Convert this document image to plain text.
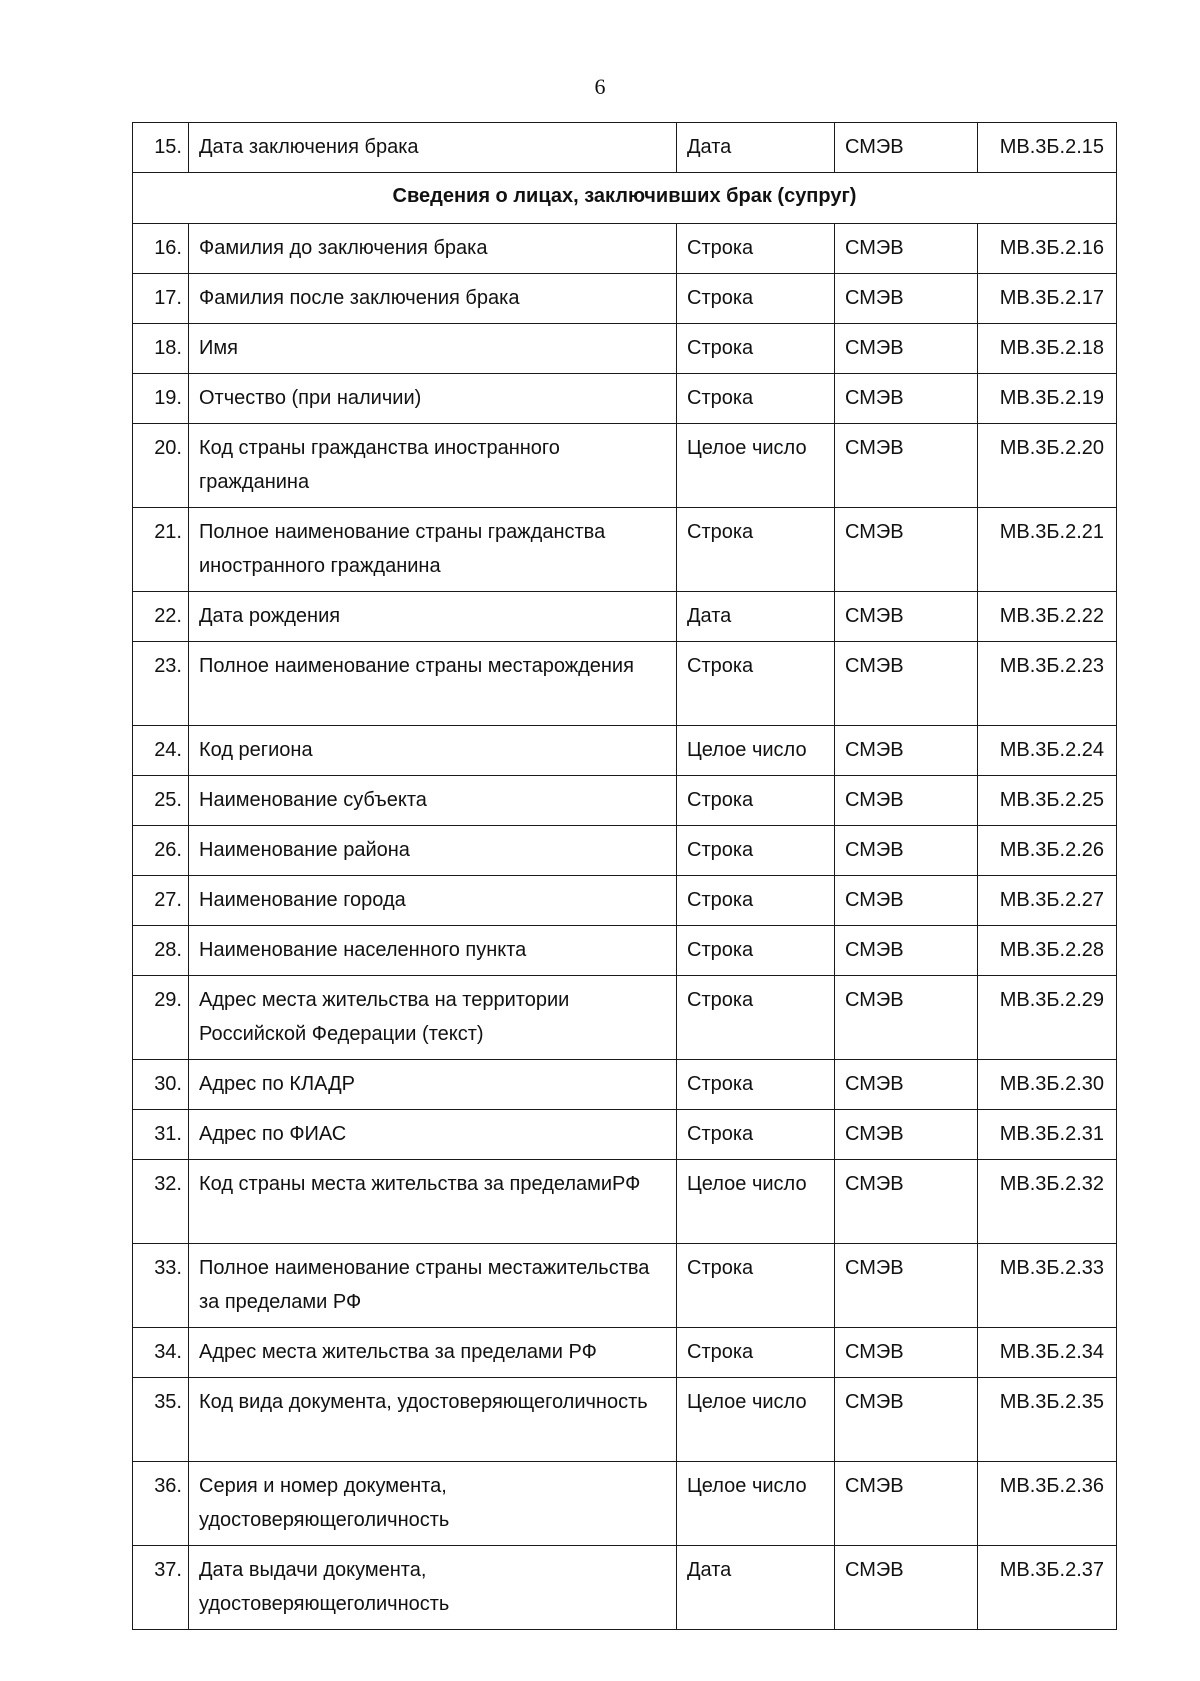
6
15.	Дата заключения брака	Дата	СМЭВ	МВ.3Б.2.15
Сведения о лицах, заключивших брак (супруг)				
16.	Фамилия до заключения брака	Строка	СМЭВ	МВ.3Б.2.16
17.	Фамилия после заключения брака	Строка	СМЭВ	МВ.3Б.2.17
18.	Имя	Строка	СМЭВ	МВ.3Б.2.18
19.	Отчество (при наличии)	Строка	СМЭВ	МВ.3Б.2.19
20.	Код страны гражданства иностранного гражданина	Целое число	СМЭВ	МВ.3Б.2.20
21.	Полное наименование страны гражданства иностранного гражданина	Строка	СМЭВ	МВ.3Б.2.21
22.	Дата рождения	Дата	СМЭВ	МВ.3Б.2.22
23.	Полное наименование страны местарождения	Строка	СМЭВ	МВ.3Б.2.23
24.	Код региона	Целое число	СМЭВ	МВ.3Б.2.24
25.	Наименование субъекта	Строка	СМЭВ	МВ.3Б.2.25
26.	Наименование района	Строка	СМЭВ	МВ.3Б.2.26
27.	Наименование города	Строка	СМЭВ	МВ.3Б.2.27
28.	Наименование населенного пункта	Строка	СМЭВ	МВ.3Б.2.28
29.	Адрес места жительства на территории Российской Федерации (текст)	Строка	СМЭВ	МВ.3Б.2.29
30.	Адрес по КЛАДР	Строка	СМЭВ	МВ.3Б.2.30
31.	Адрес по ФИАС	Строка	СМЭВ	МВ.3Б.2.31
32.	Код страны места жительства за пределамиРФ	Целое число	СМЭВ	МВ.3Б.2.32
33.	Полное наименование страны местажительства за пределами РФ	Строка	СМЭВ	МВ.3Б.2.33
34.	Адрес места жительства за пределами РФ	Строка	СМЭВ	МВ.3Б.2.34
35.	Код вида документа, удостоверяющеголичность	Целое число	СМЭВ	МВ.3Б.2.35
36.	Серия и номер документа, удостоверяющеголичность	Целое число	СМЭВ	МВ.3Б.2.36
37.	Дата выдачи документа, удостоверяющеголичность	Дата	СМЭВ	МВ.3Б.2.37
